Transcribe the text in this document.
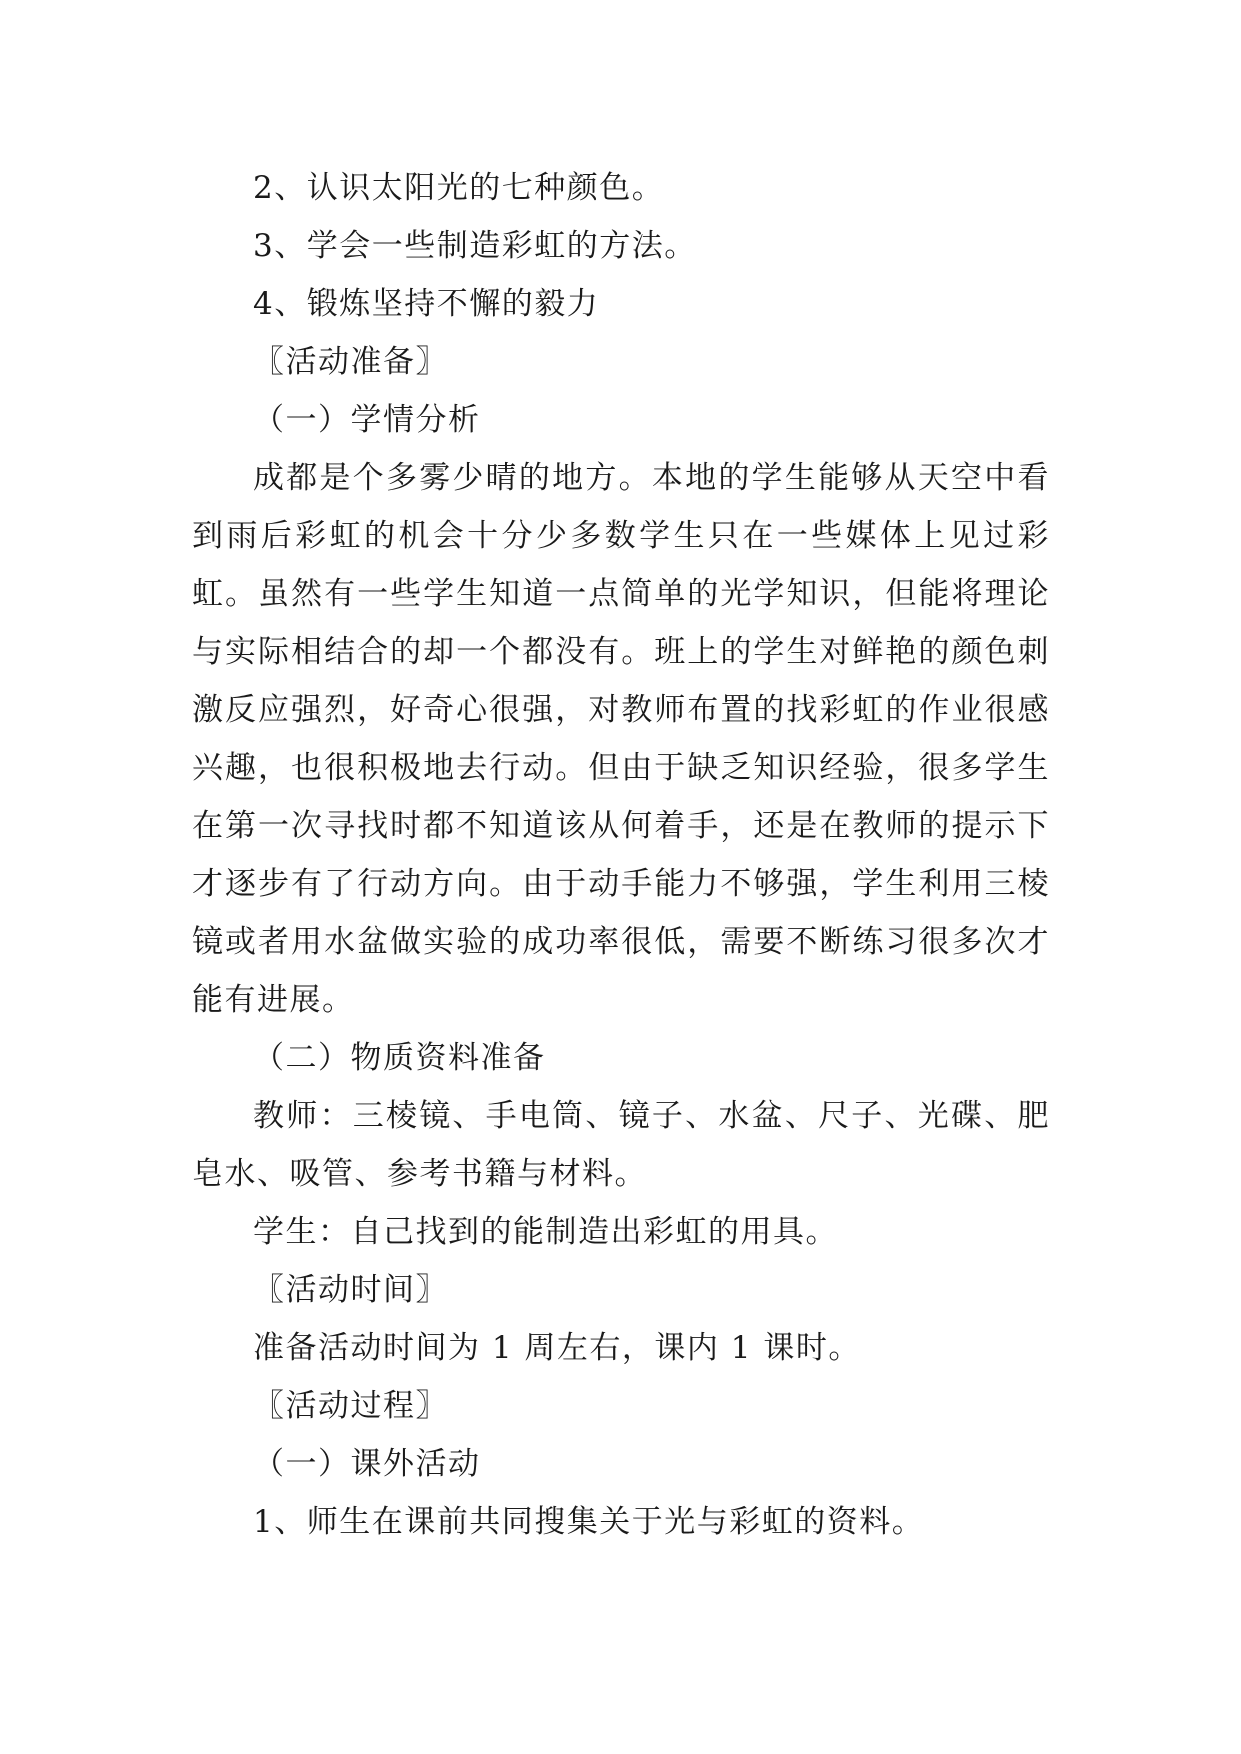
2、认识太阳光的七种颜色。
3、学会一些制造彩虹的方法。
4、锻炼坚持不懈的毅力
〖活动准备〗
（一）学情分析
成都是个多雾少晴的地方。本地的学生能够从天空中看
到雨后彩虹的机会十分少多数学生只在一些媒体上见过彩
虹。虽然有一些学生知道一点简单的光学知识，但能将理论
与实际相结合的却一个都没有。班上的学生对鲜艳的颜色刺
激反应强烈，好奇心很强，对教师布置的找彩虹的作业很感
兴趣，也很积极地去行动。但由于缺乏知识经验，很多学生
在第一次寻找时都不知道该从何着手，还是在教师的提示下
才逐步有了行动方向。由于动手能力不够强，学生利用三棱
镜或者用水盆做实验的成功率很低，需要不断练习很多次才
能有进展。
（二）物质资料准备
教师：三棱镜、手电筒、镜子、水盆、尺子、光碟、肥
皂水、吸管、参考书籍与材料。
学生：自己找到的能制造出彩虹的用具。
〖活动时间〗
准备活动时间为 1 周左右，课内 1 课时。
〖活动过程〗
（一）课外活动
1、师生在课前共同搜集关于光与彩虹的资料。
